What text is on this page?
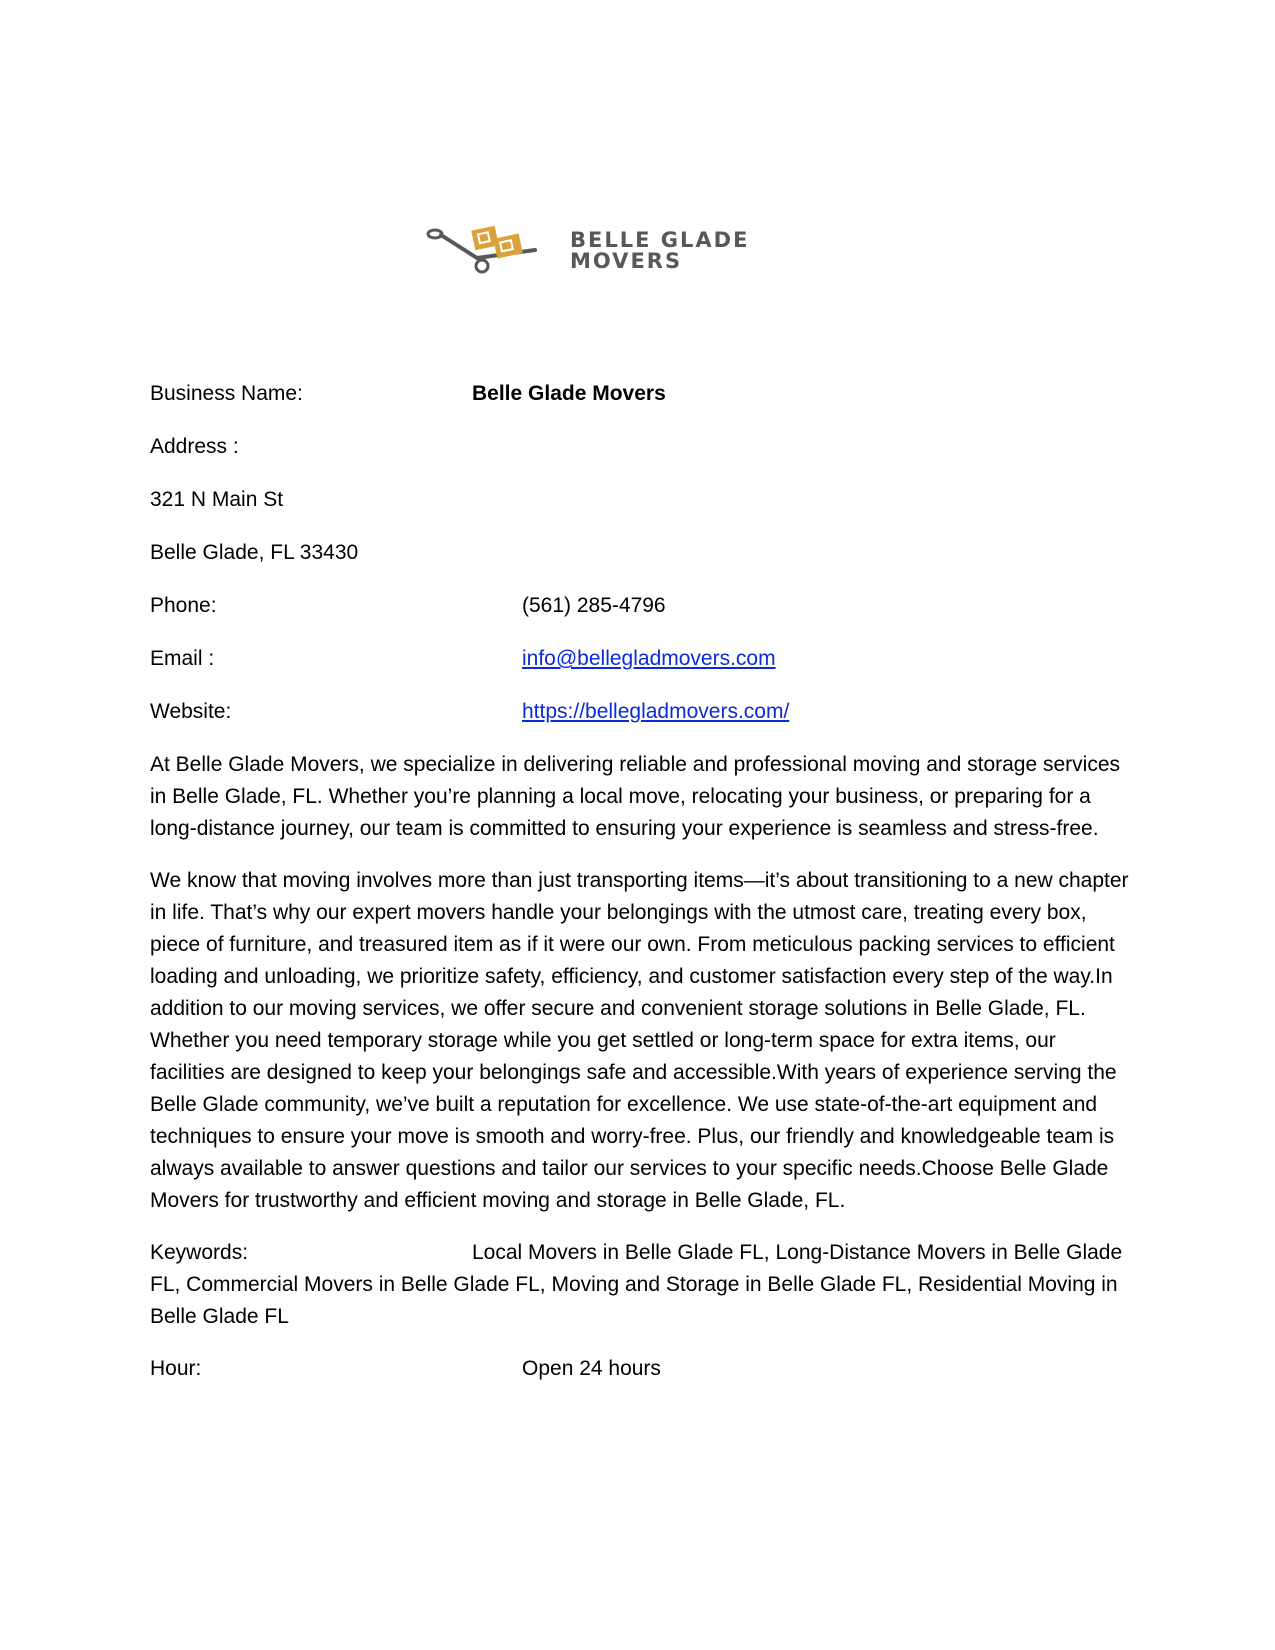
BELLE GLADE
MOVERS
Business Name:	Belle Glade Movers
Address :
321 N Main St
Belle Glade, FL 33430
Phone:	(561) 285-4796
Email :	info@bellegladmovers.com
Website:	https://bellegladmovers.com/

At Belle Glade Movers, we specialize in delivering reliable and professional moving and storage services in Belle Glade, FL. Whether you’re planning a local move, relocating your business, or preparing for a long-distance journey, our team is committed to ensuring your experience is seamless and stress-free.

We know that moving involves more than just transporting items—it’s about transitioning to a new chapter in life. That’s why our expert movers handle your belongings with the utmost care, treating every box, piece of furniture, and treasured item as if it were our own. From meticulous packing services to efficient loading and unloading, we prioritize safety, efficiency, and customer satisfaction every step of the way.In addition to our moving services, we offer secure and convenient storage solutions in Belle Glade, FL. Whether you need temporary storage while you get settled or long-term space for extra items, our facilities are designed to keep your belongings safe and accessible.With years of experience serving the Belle Glade community, we’ve built a reputation for excellence. We use state-of-the-art equipment and techniques to ensure your move is smooth and worry-free. Plus, our friendly and knowledgeable team is always available to answer questions and tailor our services to your specific needs.Choose Belle Glade Movers for trustworthy and efficient moving and storage in Belle Glade, FL.

Keywords:	Local Movers in Belle Glade FL, Long-Distance Movers in Belle Glade FL, Commercial Movers in Belle Glade FL, Moving and Storage in Belle Glade FL, Residential Moving in Belle Glade FL
Hour:	Open 24 hours
